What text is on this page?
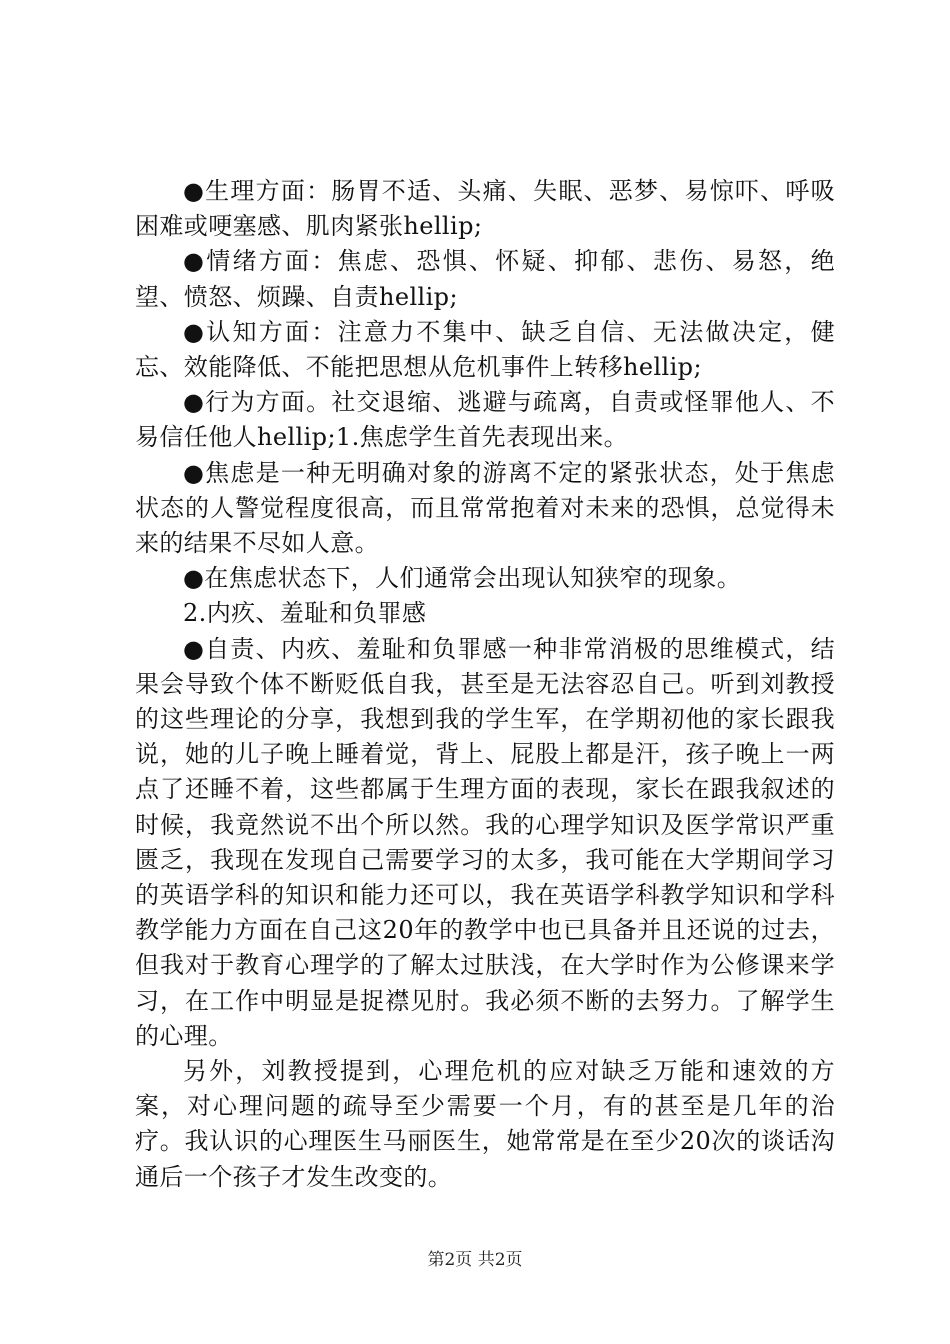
●生理方面：肠胃不适、头痛、失眠、恶梦、易惊吓、呼吸困难或哽塞感、肌肉紧张hellip;

●情绪方面：焦虑、恐惧、怀疑、抑郁、悲伤、易怒，绝望、愤怒、烦躁、自责hellip;

●认知方面：注意力不集中、缺乏自信、无法做决定，健忘、效能降低、不能把思想从危机事件上转移hellip;

●行为方面。社交退缩、逃避与疏离，自责或怪罪他人、不易信任他人hellip;1.焦虑学生首先表现出来。

●焦虑是一种无明确对象的游离不定的紧张状态，处于焦虑状态的人警觉程度很高，而且常常抱着对未来的恐惧，总觉得未来的结果不尽如人意。

●在焦虑状态下，人们通常会出现认知狭窄的现象。

2.内疚、羞耻和负罪感

●自责、内疚、羞耻和负罪感一种非常消极的思维模式，结果会导致个体不断贬低自我，甚至是无法容忍自己。听到刘教授的这些理论的分享，我想到我的学生军，在学期初他的家长跟我说，她的儿子晚上睡着觉，背上、屁股上都是汗，孩子晚上一两点了还睡不着，这些都属于生理方面的表现，家长在跟我叙述的时候，我竟然说不出个所以然。我的心理学知识及医学常识严重匮乏，我现在发现自己需要学习的太多，我可能在大学期间学习的英语学科的知识和能力还可以，我在英语学科教学知识和学科教学能力方面在自己这20年的教学中也已具备并且还说的过去，但我对于教育心理学的了解太过肤浅，在大学时作为公修课来学习，在工作中明显是捉襟见肘。我必须不断的去努力。了解学生的心理。

另外，刘教授提到，心理危机的应对缺乏万能和速效的方案，对心理问题的疏导至少需要一个月，有的甚至是几年的治疗。我认识的心理医生马丽医生，她常常是在至少20次的谈话沟通后一个孩子才发生改变的。

第2页 共2页
